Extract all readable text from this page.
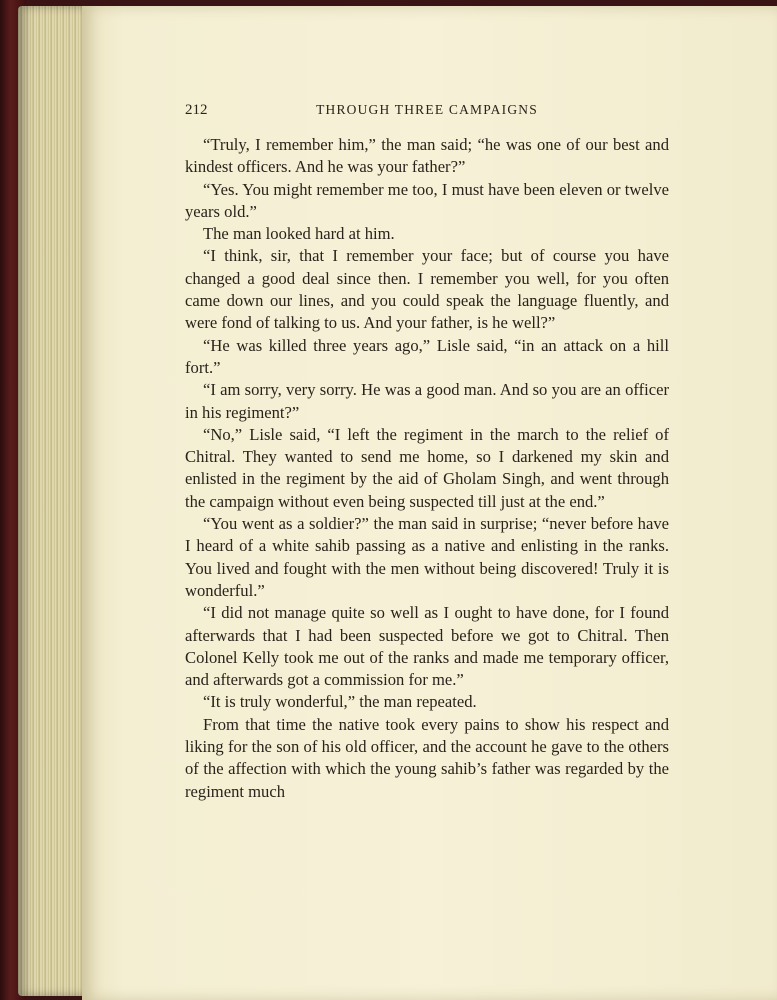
212	THROUGH THREE CAMPAIGNS

“Truly, I remember him,” the man said; “he was one of our best and kindest officers. And he was your father?”

“Yes. You might remember me too, I must have been eleven or twelve years old.”

The man looked hard at him.

“I think, sir, that I remember your face; but of course you have changed a good deal since then. I remember you well, for you often came down our lines, and you could speak the language fluently, and were fond of talking to us. And your father, is he well?”

“He was killed three years ago,” Lisle said, “in an attack on a hill fort.”

“I am sorry, very sorry. He was a good man. And so you are an officer in his regiment?”

“No,” Lisle said, “I left the regiment in the march to the relief of Chitral. They wanted to send me home, so I darkened my skin and enlisted in the regiment by the aid of Gholam Singh, and went through the campaign without even being suspected till just at the end.”

“You went as a soldier?” the man said in surprise; “never before have I heard of a white sahib passing as a native and enlisting in the ranks. You lived and fought with the men without being discovered! Truly it is wonderful.”

“I did not manage quite so well as I ought to have done, for I found afterwards that I had been suspected before we got to Chitral. Then Colonel Kelly took me out of the ranks and made me temporary officer, and afterwards got a commission for me.”

“It is truly wonderful,” the man repeated.

From that time the native took every pains to show his respect and liking for the son of his old officer, and the account he gave to the others of the affection with which the young sahib’s father was regarded by the regiment much
